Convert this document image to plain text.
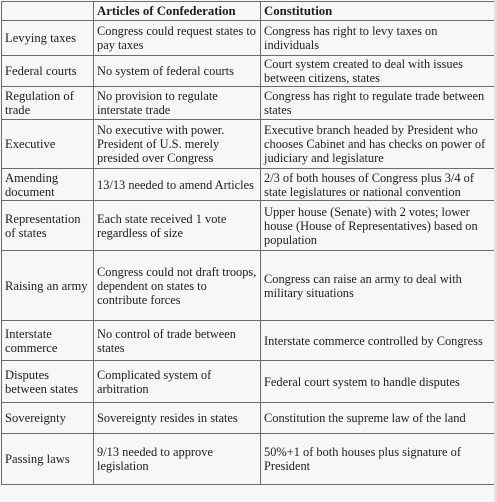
	Articles of Confederation	Constitution
Levying taxes	Congress could request states to pay taxes	Congress has right to levy taxes on individuals
Federal courts	No system of federal courts	Court system created to deal with issues between citizens, states
Regulation of trade	No provision to regulate interstate trade	Congress has right to regulate trade between states
Executive	No executive with power. President of U.S. merely presided over Congress	Executive branch headed by President who chooses Cabinet and has checks on power of judiciary and legislature
Amending document	13/13 needed to amend Articles	2/3 of both houses of Congress plus 3/4 of state legislatures or national convention
Representation of states	Each state received 1 vote regardless of size	Upper house (Senate) with 2 votes; lower house (House of Representatives) based on population
Raising an army	Congress could not draft troops, dependent on states to contribute forces	Congress can raise an army to deal with military situations
Interstate commerce	No control of trade between states	Interstate commerce controlled by Congress
Disputes between states	Complicated system of arbitration	Federal court system to handle disputes
Sovereignty	Sovereignty resides in states	Constitution the supreme law of the land
Passing laws	9/13 needed to approve legislation	50%+1 of both houses plus signature of President
